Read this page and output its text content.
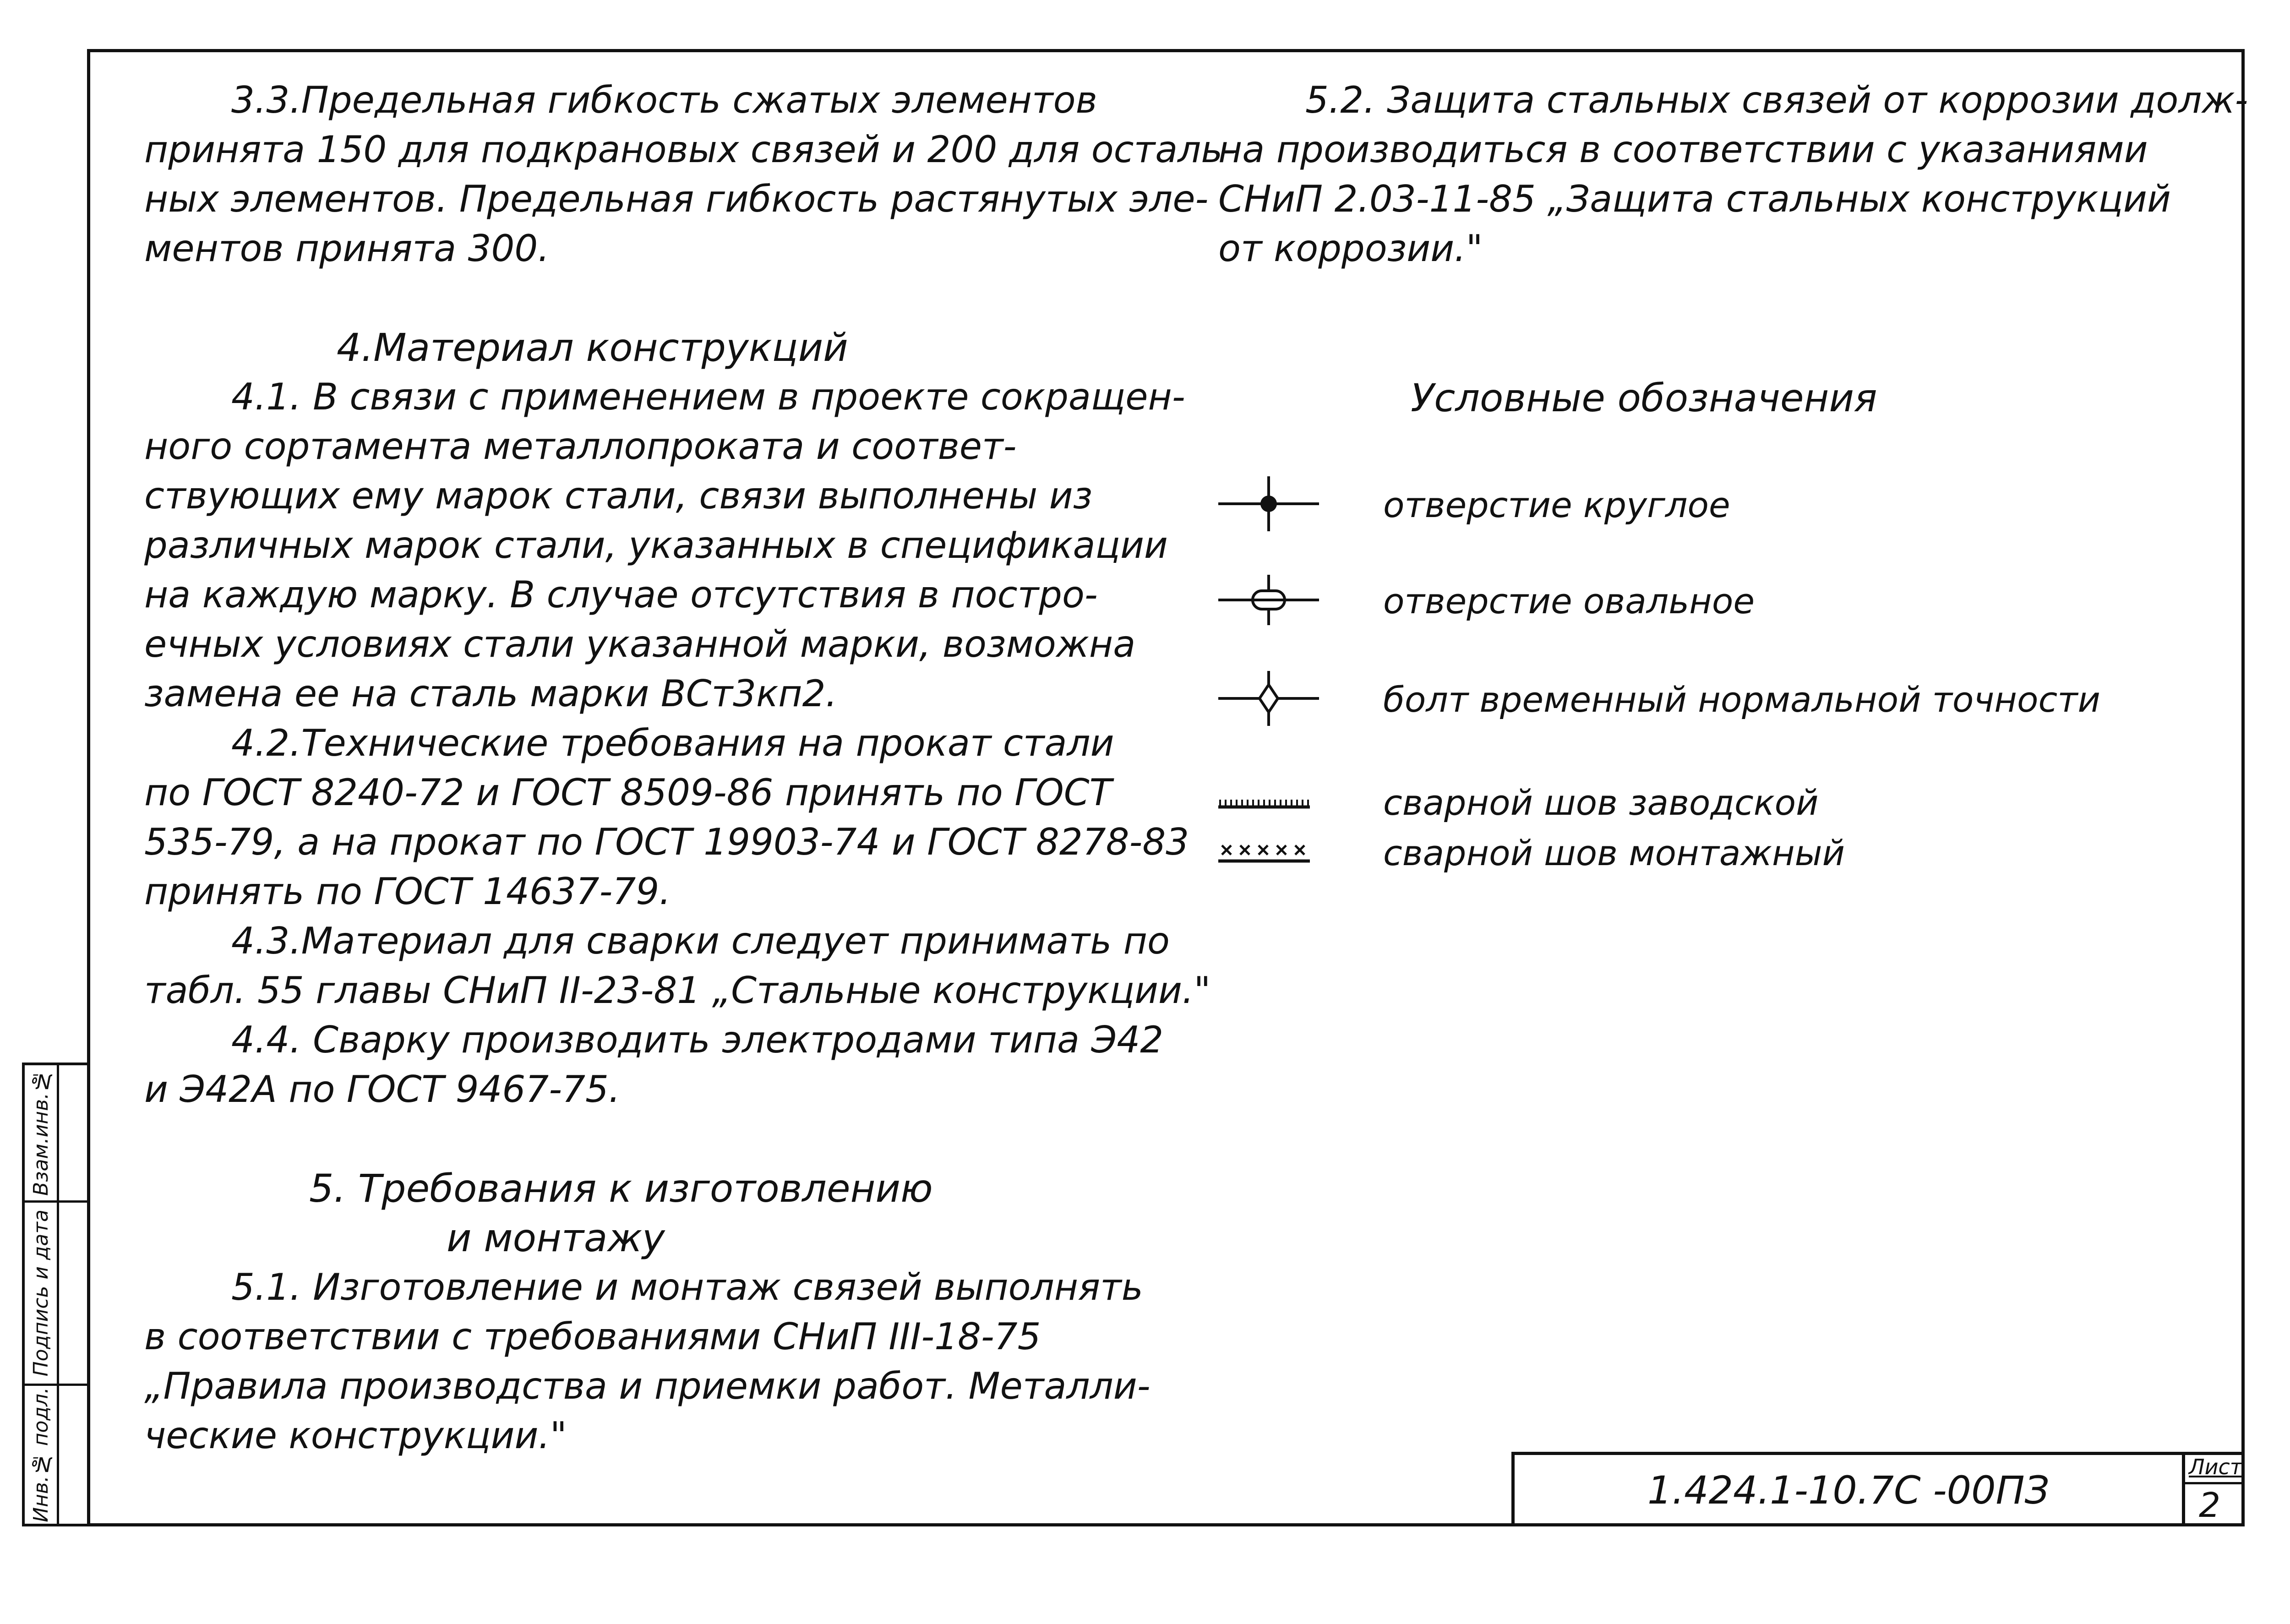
Взам.инв.№
Подпись и дата
Инв.№ подл.
3.3.Предельная гибкость сжатых элементов
принята 150 для подкрановых связей и 200 для осталь-
ных элементов. Предельная гибкость растянутых эле-
ментов принята 300.
4.Материал конструкций
4.1. В связи с применением в проекте сокращен-
ного сортамента металлопроката и соответ-
ствующих ему марок стали, связи выполнены из
различных марок стали, указанных в спецификации
на каждую марку. В случае отсутствия в постро-
ечных условиях стали указанной марки, возможна
замена ее на сталь марки ВСт3кп2.
4.2.Технические требования на прокат стали
по ГОСТ 8240-72 и ГОСТ 8509-86 принять по ГОСТ
535-79, а на прокат по ГОСТ 19903-74 и ГОСТ 8278-83
принять по ГОСТ 14637-79.
4.3.Материал для сварки следует принимать по
табл. 55 главы СНиП II-23-81 „Стальные конструкции."
4.4. Сварку производить электродами типа Э42
и Э42А по ГОСТ 9467-75.
5. Требования к изготовлению
и монтажу
5.1. Изготовление и монтаж связей выполнять
в соответствии с требованиями СНиП III-18-75
„Правила производства и приемки работ. Металли-
ческие конструкции."
5.2. Защита стальных связей от коррозии долж-
на производиться в соответствии с указаниями
СНиП 2.03-11-85 „Защита стальных конструкций
от коррозии."
Условные обозначения
отверстие круглое
отверстие овальное
болт временный нормальной точности
сварной шов заводской
сварной шов монтажный
1.424.1-10.7С -00ПЗ
Лист
2
